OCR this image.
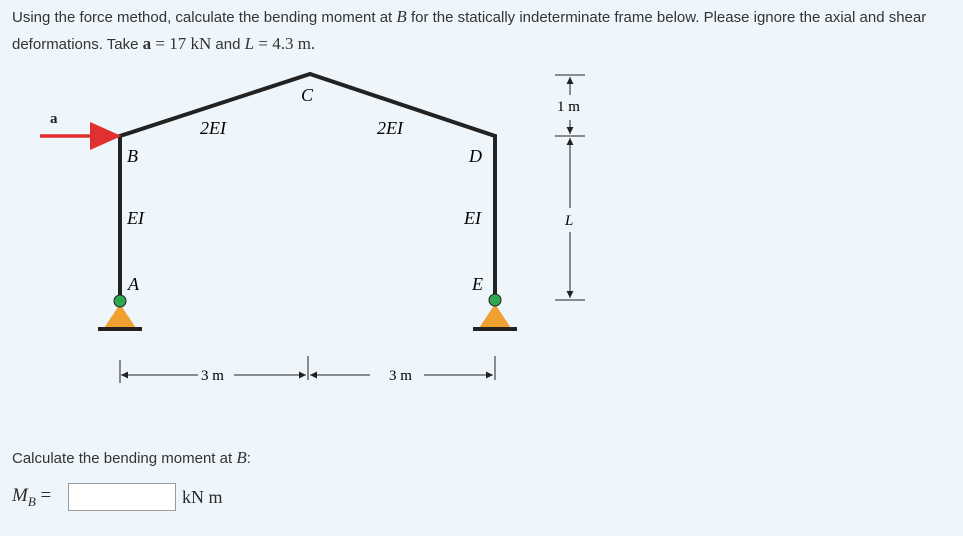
Using the force method, calculate the bending moment at B for the statically indeterminate frame below. Please ignore the axial and shear deformations. Take a = 17 kN and L = 4.3 m.
a
B
A
C
D
E
2EI	2EI
EI	EI
3 m	3 m
1 m
L
Calculate the bending moment at B:
$M_B$ =	kN m
